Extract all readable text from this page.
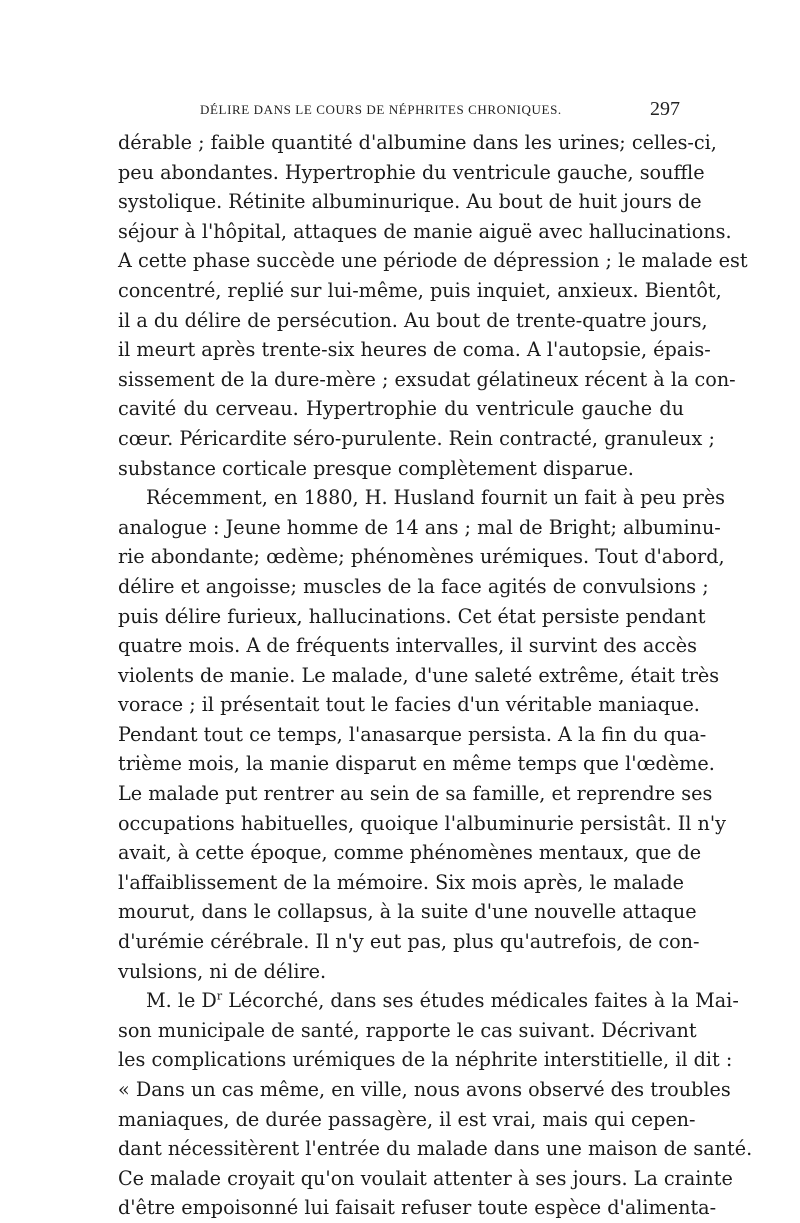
DÉLIRE DANS LE COURS DE NÉPHRITES CHRONIQUES.	297
dérable ; faible quantité d'albumine dans les urines; celles-ci,
peu abondantes. Hypertrophie du ventricule gauche, souffle
systolique. Rétinite albuminurique. Au bout de huit jours de
séjour à l'hôpital, attaques de manie aiguë avec hallucinations.
A cette phase succède une période de dépression ; le malade est
concentré, replié sur lui-même, puis inquiet, anxieux. Bientôt,
il a du délire de persécution. Au bout de trente-quatre jours,
il meurt après trente-six heures de coma. A l'autopsie, épais-
sissement de la dure-mère ; exsudat gélatineux récent à la con-
cavité du cerveau. Hypertrophie du ventricule gauche du
cœur. Péricardite séro-purulente. Rein contracté, granuleux ;
substance corticale presque complètement disparue.
Récemment, en 1880, H. Husland fournit un fait à peu près
analogue : Jeune homme de 14 ans ; mal de Bright; albuminu-
rie abondante; œdème; phénomènes urémiques. Tout d'abord,
délire et angoisse; muscles de la face agités de convulsions ;
puis délire furieux, hallucinations. Cet état persiste pendant
quatre mois. A de fréquents intervalles, il survint des accès
violents de manie. Le malade, d'une saleté extrême, était très
vorace ; il présentait tout le facies d'un véritable maniaque.
Pendant tout ce temps, l'anasarque persista. A la fin du qua-
trième mois, la manie disparut en même temps que l'œdème.
Le malade put rentrer au sein de sa famille, et reprendre ses
occupations habituelles, quoique l'albuminurie persistât. Il n'y
avait, à cette époque, comme phénomènes mentaux, que de
l'affaiblissement de la mémoire. Six mois après, le malade
mourut, dans le collapsus, à la suite d'une nouvelle attaque
d'urémie cérébrale. Il n'y eut pas, plus qu'autrefois, de con-
vulsions, ni de délire.
M. le $D^r$ Lécorché, dans ses études médicales faites à la Mai-
son municipale de santé, rapporte le cas suivant. Décrivant
les complications urémiques de la néphrite interstitielle, il dit :
« Dans un cas même, en ville, nous avons observé des troubles
maniaques, de durée passagère, il est vrai, mais qui cepen-
dant nécessitèrent l'entrée du malade dans une maison de santé.
Ce malade croyait qu'on voulait attenter à ses jours. La crainte
d'être empoisonné lui faisait refuser toute espèce d'alimenta-
